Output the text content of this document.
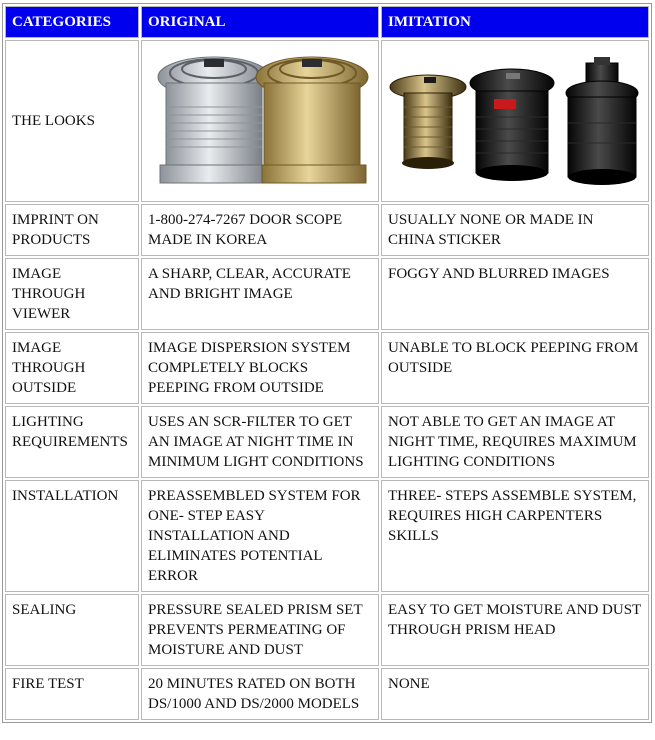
CATEGORIES	ORIGINAL	IMITATION
THE LOOKS	

IMPRINT ON PRODUCTS	1-800-274-7267 DOOR SCOPE MADE IN KOREA	USUALLY NONE OR MADE IN CHINA STICKER
IMAGE THROUGH VIEWER	A SHARP, CLEAR, ACCURATE AND BRIGHT IMAGE	FOGGY AND BLURRED IMAGES
IMAGE THROUGH OUTSIDE	IMAGE DISPERSION SYSTEM COMPLETELY BLOCKS PEEPING FROM OUTSIDE	UNABLE TO BLOCK PEEPING FROM OUTSIDE
LIGHTING REQUIREMENTS	USES AN SCR-FILTER TO GET AN IMAGE AT NIGHT TIME IN MINIMUM LIGHT CONDITIONS	NOT ABLE TO GET AN IMAGE AT NIGHT TIME, REQUIRES MAXIMUM LIGHTING CONDITIONS
INSTALLATION	PREASSEMBLED SYSTEM FOR ONE- STEP EASY INSTALLATION AND ELIMINATES POTENTIAL ERROR	THREE- STEPS ASSEMBLE SYSTEM, REQUIRES HIGH CARPENTERS SKILLS
SEALING	PRESSURE SEALED PRISM SET PREVENTS PERMEATING OF MOISTURE AND DUST	EASY TO GET MOISTURE AND DUST THROUGH PRISM HEAD
FIRE TEST	20 MINUTES RATED ON BOTH DS/1000 AND DS/2000 MODELS	NONE
